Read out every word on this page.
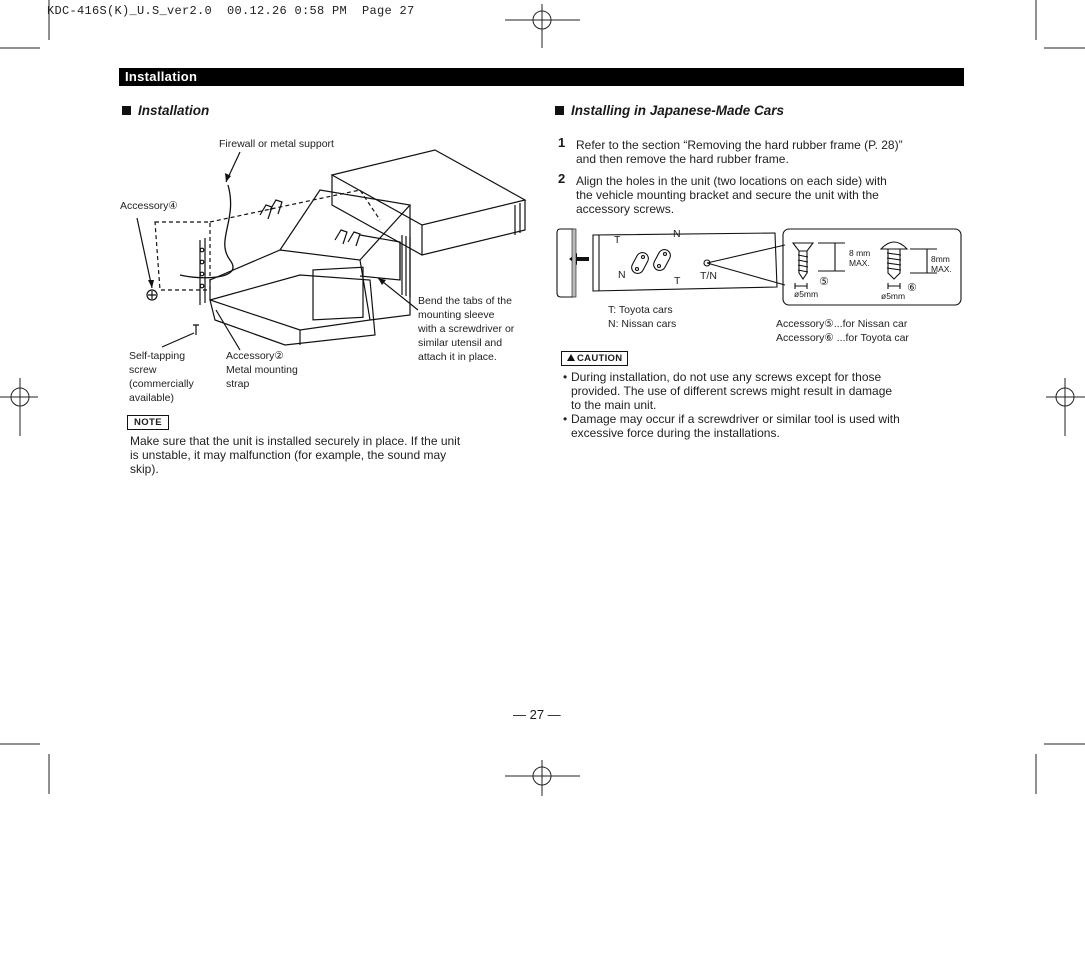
KDC-416S(K)_U.S_ver2.0  00.12.26 0:58 PM  Page 27
Installation
Installation
Firewall or metal support
Accessory④
Bend the tabs of the
mounting sleeve
with a screwdriver or
similar utensil and
attach it in place.
Self-tapping
screw
(commercially
available)
Accessory②
Metal mounting
strap
NOTE
Make sure that the unit is installed securely in place. If the unit
is unstable, it may malfunction (for example, the sound may
skip).
Installing in Japanese-Made Cars
1 Refer to the section “Removing the hard rubber frame (P. 28)”
and then remove the hard rubber frame.
2 Align the holes in the unit (two locations on each side) with
the vehicle mounting bracket and secure the unit with the
accessory screws.
T	N
N	T T/N
8 mm
MAX.	8mm
MAX.
ø5mm	ø5mm
⑤	⑥
T: Toyota cars
N: Nissan cars	Accessory⑤...for Nissan car
Accessory⑥ ...for Toyota car
CAUTION
• During installation, do not use any screws except for those
provided. The use of different screws might result in damage
to the main unit.
• Damage may occur if a screwdriver or similar tool is used with
excessive force during the installations.
— 27 —
